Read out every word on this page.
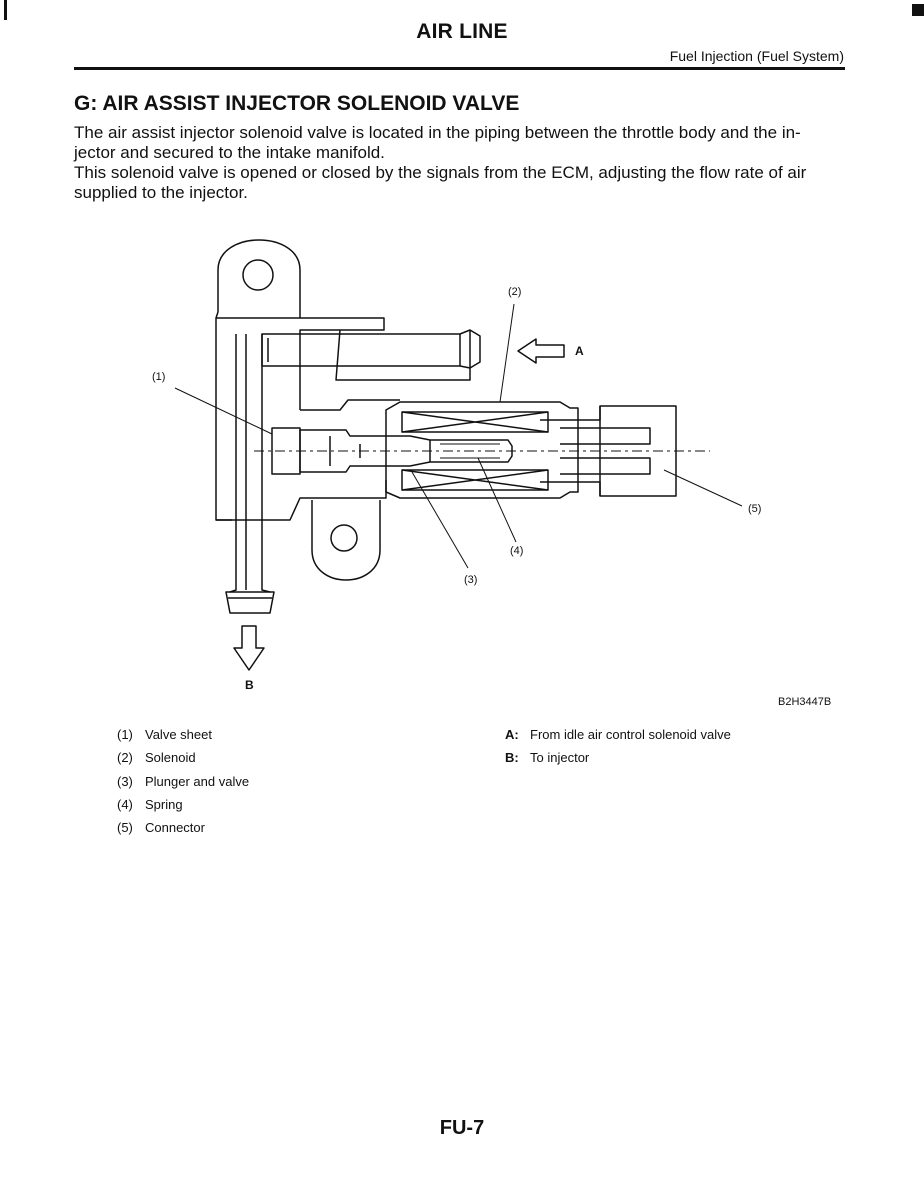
AIR LINE
Fuel Injection (Fuel System)
G: AIR ASSIST INJECTOR SOLENOID VALVE

The air assist injector solenoid valve is located in the piping between the throttle body and the in-

jector and secured to the intake manifold.

This solenoid valve is opened or closed by the signals from the ECM, adjusting the flow rate of air

supplied to the injector.

(1)
(2)
(3)
(4)
(5)
A
B
B2H3447B
(1) Valve sheet
(2) Solenoid
(3) Plunger and valve
(4) Spring
(5) Connector
A: From idle air control solenoid valve
B: To injector
FU-7
